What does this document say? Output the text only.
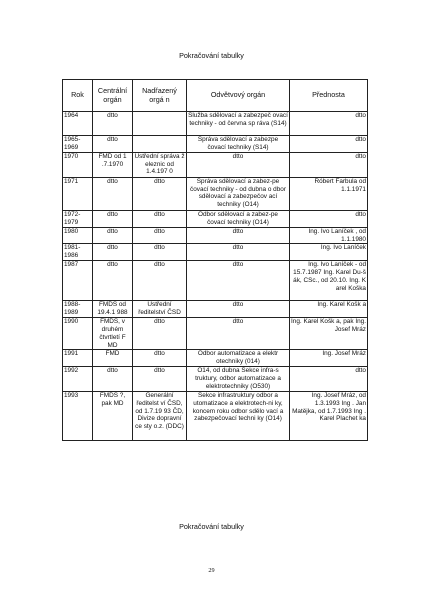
Pokračování tabulky
Rok	Centrální orgán	Nadřazený orgá n	Odvětvový orgán	Přednosta
1964	dtto		Služba sdělovací a zabezpeč ovací techniky - od června sp ráva (S14)	dtto
1965-1969	dtto		Správa sdělovací a zabezpe čovací techniky (S14)	dtto
1970	FMD od 1 .7.1970	Ústřední správa ž eleznic od 1.4.197 0	dtto	dtto
1971	dtto	dtto	Správa sdělovací a zabez-pe čovací techniky - od dubna o dbor sdělovací a zabezpečov ací techniky (O14)	Róbert Farbula od 1.1.1971
1972-1979	dtto	dtto	Odbor sdělovací a zabez-pe čovací techniky (O14)	dtto
1980	dtto	dtto	dtto	Ing. Ivo Laníček , od 1.1.1980
1981-1986	dtto	dtto	dtto	Ing. Ivo Laníček
1987	dtto	dtto	dtto	Ing. Ivo Laníček - od 15.7.1987 Ing. Karel Du-š ák, CSc., od 20.10. Ing. K arel Koška
1988-1989	FMDS od 19.4.1 988	Ústřední ředitelství ČSD	dtto	Ing. Karel Košk a
1990	FMDS, v druhém čtvrtletí F MD	dtto	dtto	Ing. Karel Košk a, pak Ing. Josef Mráz
1991	FMD	dtto	Odbor automatizace a elektr otechniky (014)	Ing. Josef Mráz
1992	dtto	dtto	O14, od dubna Sekce infra-s truktury, odbor automatizace a elektrotechniky (O530)	dtto
1993	FMDS ?, pak MD	Generální ředitelst ví ČSD, od 1.7.19 93 ČD, Divize dopravní ce sty o.z. (DDC)	Sekce infrastruktury odbor a utomatizace a elektrotech-ni ky, koncem roku odbor sdělo vací a zabezpečovací techni ky (O14)	Ing. Josef Mráz, od 1.3.1993 Ing . Jan Matějka, od 1.7.1993 Ing . Karel Plachet ka
Pokračování tabulky
29
